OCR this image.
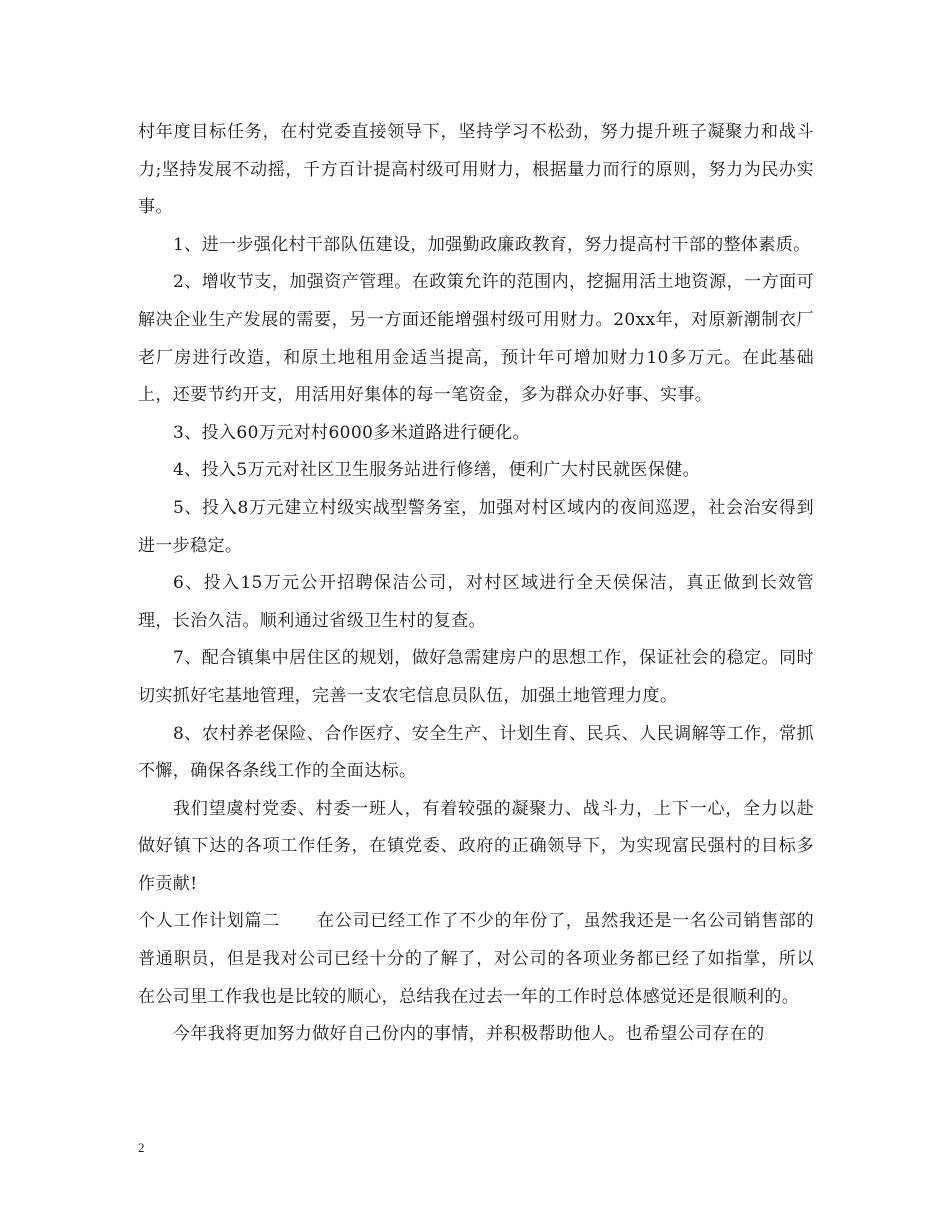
村年度目标任务，在村党委直接领导下，坚持学习不松劲，努力提升班子凝聚力和战斗力;坚持发展不动摇，千方百计提高村级可用财力，根据量力而行的原则，努力为民办实事。

1、进一步强化村干部队伍建设，加强勤政廉政教育，努力提高村干部的整体素质。

2、增收节支，加强资产管理。在政策允许的范围内，挖掘用活土地资源，一方面可解决企业生产发展的需要，另一方面还能增强村级可用财力。20xx年，对原新潮制衣厂老厂房进行改造，和原土地租用金适当提高，预计年可增加财力10多万元。在此基础上，还要节约开支，用活用好集体的每一笔资金，多为群众办好事、实事。

3、投入60万元对村6000多米道路进行硬化。

4、投入5万元对社区卫生服务站进行修缮，便利广大村民就医保健。

5、投入8万元建立村级实战型警务室，加强对村区域内的夜间巡逻，社会治安得到进一步稳定。

6、投入15万元公开招聘保洁公司，对村区域进行全天侯保洁，真正做到长效管理，长治久洁。顺利通过省级卫生村的复查。

7、配合镇集中居住区的规划，做好急需建房户的思想工作，保证社会的稳定。同时切实抓好宅基地管理，完善一支农宅信息员队伍，加强土地管理力度。

8、农村养老保险、合作医疗、安全生产、计划生育、民兵、人民调解等工作，常抓不懈，确保各条线工作的全面达标。

我们望虞村党委、村委一班人，有着较强的凝聚力、战斗力，上下一心，全力以赴做好镇下达的各项工作任务，在镇党委、政府的正确领导下，为实现富民强村的目标多作贡献!

个人工作计划篇二 在公司已经工作了不少的年份了，虽然我还是一名公司销售部的普通职员，但是我对公司已经十分的了解了，对公司的各项业务都已经了如指掌，所以在公司里工作我也是比较的顺心，总结我在过去一年的工作时总体感觉还是很顺利的。

今年我将更加努力做好自己份内的事情，并积极帮助他人。也希望公司存在的

2
